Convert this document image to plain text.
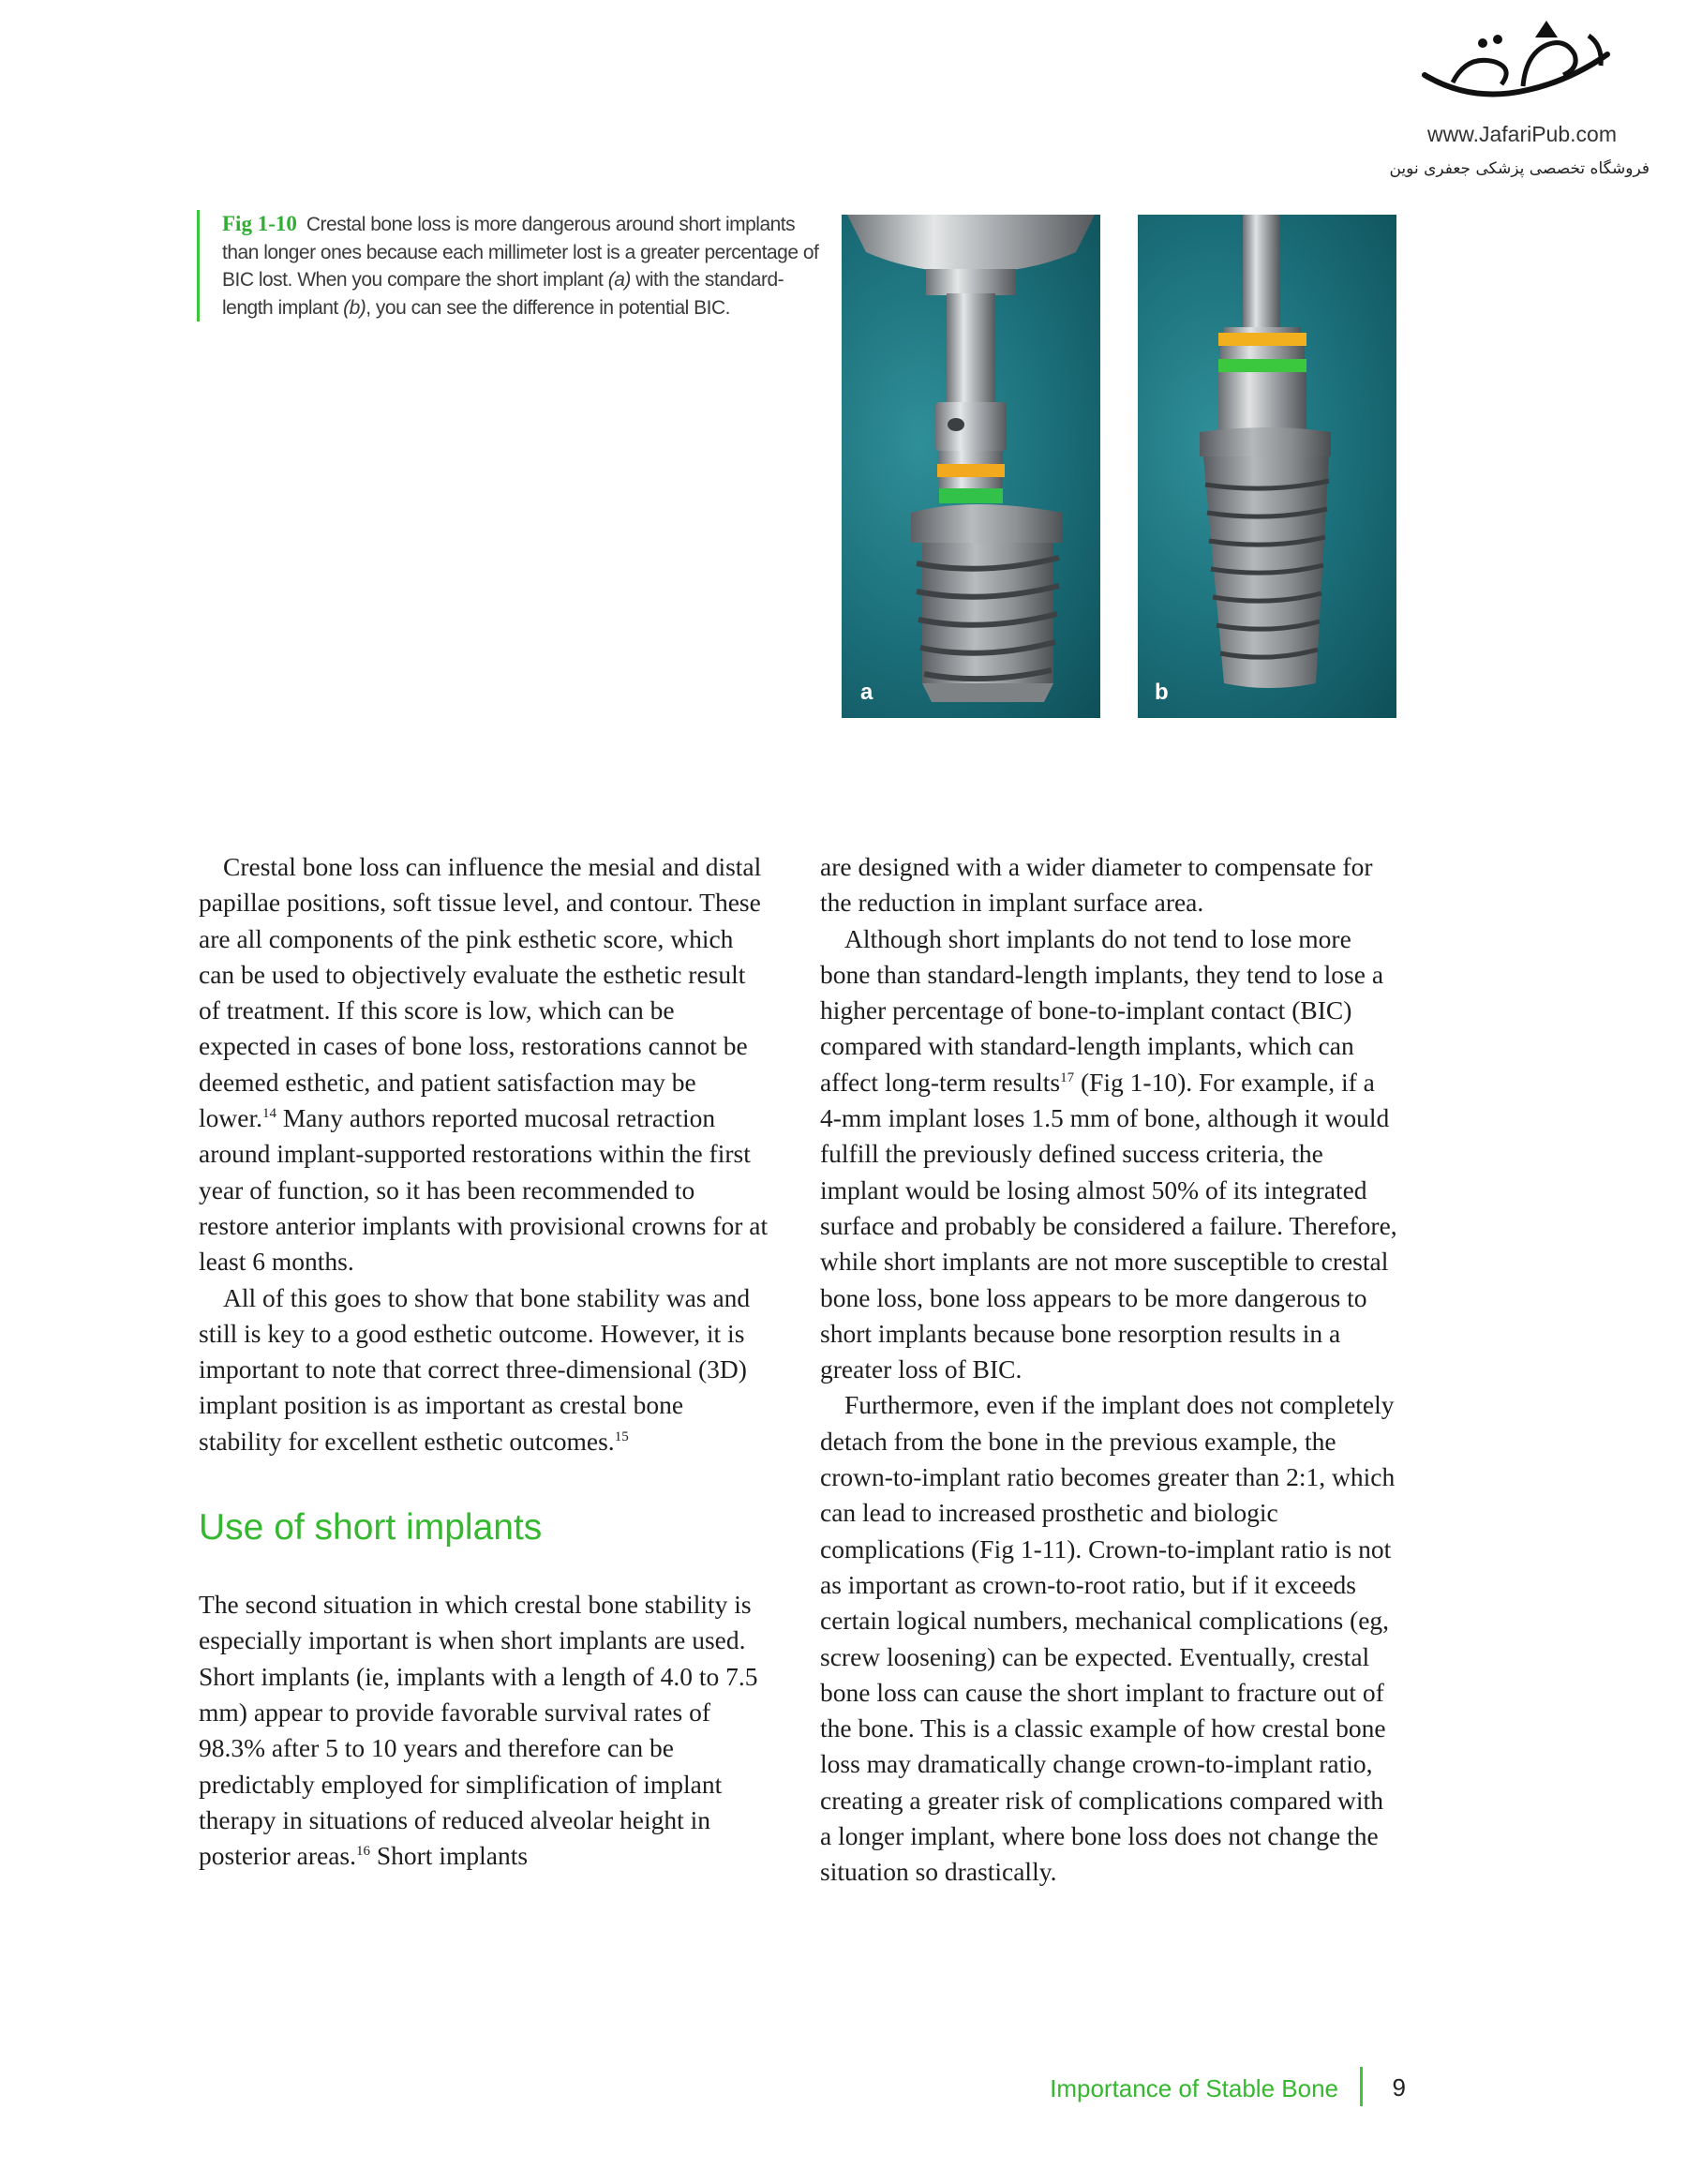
www.JafariPub.com
فروشگاه تخصصی پزشکی جعفری نوین
Fig 1-10 Crestal bone loss is more dangerous around short implants than longer ones because each millimeter lost is a greater percentage of BIC lost. When you compare the short implant (a) with the standard-length implant (b), you can see the difference in potential BIC.
a	b

Crestal bone loss can influence the mesial and distal papillae positions, soft tissue level, and contour. These are all components of the pink esthetic score, which can be used to objectively evaluate the esthetic result of treatment. If this score is low, which can be expected in cases of bone loss, restorations cannot be deemed esthetic, and patient satisfaction may be lower.$^{14}$ Many authors reported mucosal retraction around implant-supported restorations within the first year of function, so it has been recommended to restore anterior implants with provisional crowns for at least 6 months.

All of this goes to show that bone stability was and still is key to a good esthetic outcome. However, it is important to note that correct three-dimensional (3D) implant position is as important as crestal bone stability for excellent esthetic outcomes.$^{15}$

Use of short implants

The second situation in which crestal bone stability is especially important is when short implants are used. Short implants (ie, implants with a length of 4.0 to 7.5 mm) appear to provide favorable survival rates of 98.3% after 5 to 10 years and therefore can be predictably employed for simplification of implant therapy in situations of reduced alveolar height in posterior areas.$^{16}$ Short implants

are designed with a wider diameter to compensate for the reduction in implant surface area.

Although short implants do not tend to lose more bone than standard-length implants, they tend to lose a higher percentage of bone-to-implant contact (BIC) compared with standard-length implants, which can affect long-term results$^{17}$ (Fig 1-10). For example, if a 4-mm implant loses 1.5 mm of bone, although it would fulfill the previously defined success criteria, the implant would be losing almost 50% of its integrated surface and probably be considered a failure. Therefore, while short implants are not more susceptible to crestal bone loss, bone loss appears to be more dangerous to short implants because bone resorption results in a greater loss of BIC.

Furthermore, even if the implant does not completely detach from the bone in the previous example, the crown-to-implant ratio becomes greater than 2:1, which can lead to increased prosthetic and biologic complications (Fig 1-11). Crown-to-implant ratio is not as important as crown-to-root ratio, but if it exceeds certain logical numbers, mechanical complications (eg, screw loosening) can be expected. Eventually, crestal bone loss can cause the short implant to fracture out of the bone. This is a classic example of how crestal bone loss may dramatically change crown-to-implant ratio, creating a greater risk of complications compared with a longer implant, where bone loss does not change the situation so drastically.

Importance of Stable Bone 9
